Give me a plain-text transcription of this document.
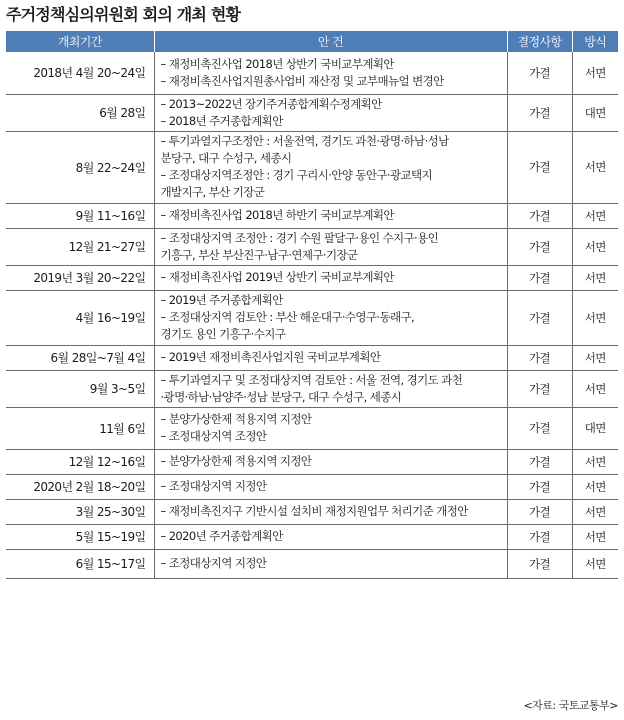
주거정책심의위원회 회의 개최 현황
개최기간	안 건	결정사항	방식
2018년 4월 20~24일	– 재정비촉진사업 2018년 상반기 국비교부계획안
– 재정비촉진사업지원총사업비 재산정 및 교부매뉴얼 변경안	가결	서면
6월 28일	– 2013~2022년 장기주거종합계획수정계획안
– 2018년 주거종합계획안	가결	대면
8월 22~24일	– 투기과열지구조정안 : 서울전역, 경기도 과천·광명·하남·성남
분당구, 대구 수성구, 세종시
– 조정대상지역조정안 : 경기 구리시·안양 동안구·광교택지
개발지구, 부산 기장군	가결	서면
9월 11~16일	– 재정비촉진사업 2018년 하반기 국비교부계획안	가결	서면
12월 21~27일	– 조정대상지역 조정안 : 경기 수원 팔달구·용인 수지구·용인
기흥구, 부산 부산진구·남구·연제구·기장군	가결	서면
2019년 3월 20~22일	– 재정비촉진사업 2019년 상반기 국비교부계획안	가결	서면
4월 16~19일	– 2019년 주거종합계획안
– 조정대상지역 검토안 : 부산 해운대구·수영구·동래구,
경기도 용인 기흥구·수지구	가결	서면
6월 28일~7월 4일	– 2019년 재정비촉진사업지원 국비교부계획안	가결	서면
9월 3~5일	– 투기과열지구 및 조정대상지역 검토안 : 서울 전역, 경기도 과천
·광명·하남·남양주·성남 분당구, 대구 수성구, 세종시	가결	서면
11월 6일	– 분양가상한제 적용지역 지정안
– 조정대상지역 조정안	가결	대면
12월 12~16일	– 분양가상한제 적용지역 지정안	가결	서면
2020년 2월 18~20일	– 조정대상지역 지정안	가결	서면
3월 25~30일	– 재정비촉진지구 기반시설 설치비 재정지원업무 처리기준 개정안	가결	서면
5월 15~19일	– 2020년 주거종합계획안	가결	서면
6월 15~17일	– 조정대상지역 지정안	가결	서면
<자료: 국토교통부>
